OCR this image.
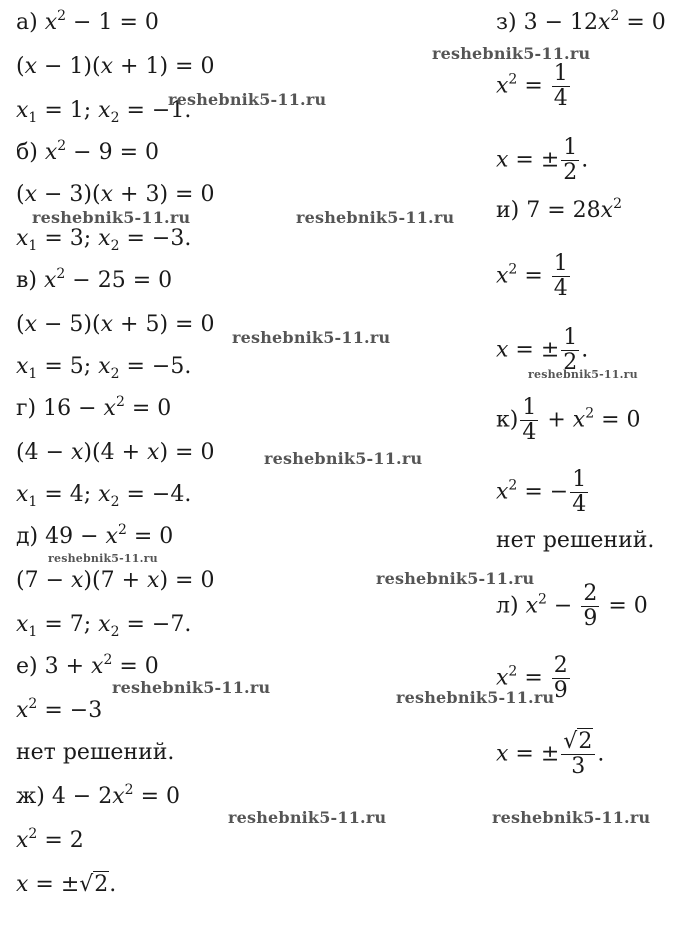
а) $x^2 - 1 = 0$
(x − 1)(x + 1) = 0
$x_1 = 1$; $x_2 = -1$.
б) $x^2 - 9 = 0$
(x − 3)(x + 3) = 0
$x_1 = 3$; $x_2 = -3$.
в) $x^2 - 25 = 0$
(x − 5)(x + 5) = 0
$x_1 = 5$; $x_2 = -5$.
г) $16 - x^2 = 0$
(4 − x)(4 + x) = 0
$x_1 = 4$; $x_2 = -4$.
д) $49 - x^2 = 0$
(7 − x)(7 + x) = 0
$x_1 = 7$; $x_2 = -7$.
е) $3 + x^2 = 0$
$x^2 = -3$
нет решений.
ж) $4 - 2x^2 = 0$
$x^2 = 2$
x = ±√2.
з) $3 - 12x^2 = 0$
$x^2 = \frac{1}{4}$
x = ± $\frac{1}{2}$ .
и) $7 = 28x^2$
$x^2 = \frac{1}{4}$
x = ± $\frac{1}{2}$ .
$к) \frac{1}{4} + x^2 = 0$
$x^2$ = − $\frac{1}{4}$
нет решений.
л) $x^2 - \frac{2}{9} = 0$
$x^2 = \frac{2}{9}$
x = ± $\frac{√2}{3}$ .
reshebnik5-11.ru
reshebnik5-11.ru
reshebnik5-11.ru	reshebnik5-11.ru
reshebnik5-11.ru
reshebnik5-11.ru
reshebnik5-11.ru
reshebnik5-11.ru
reshebnik5-11.ru
reshebnik5-11.ru
reshebnik5-11.ru
reshebnik5-11.ru	reshebnik5-11.ru
